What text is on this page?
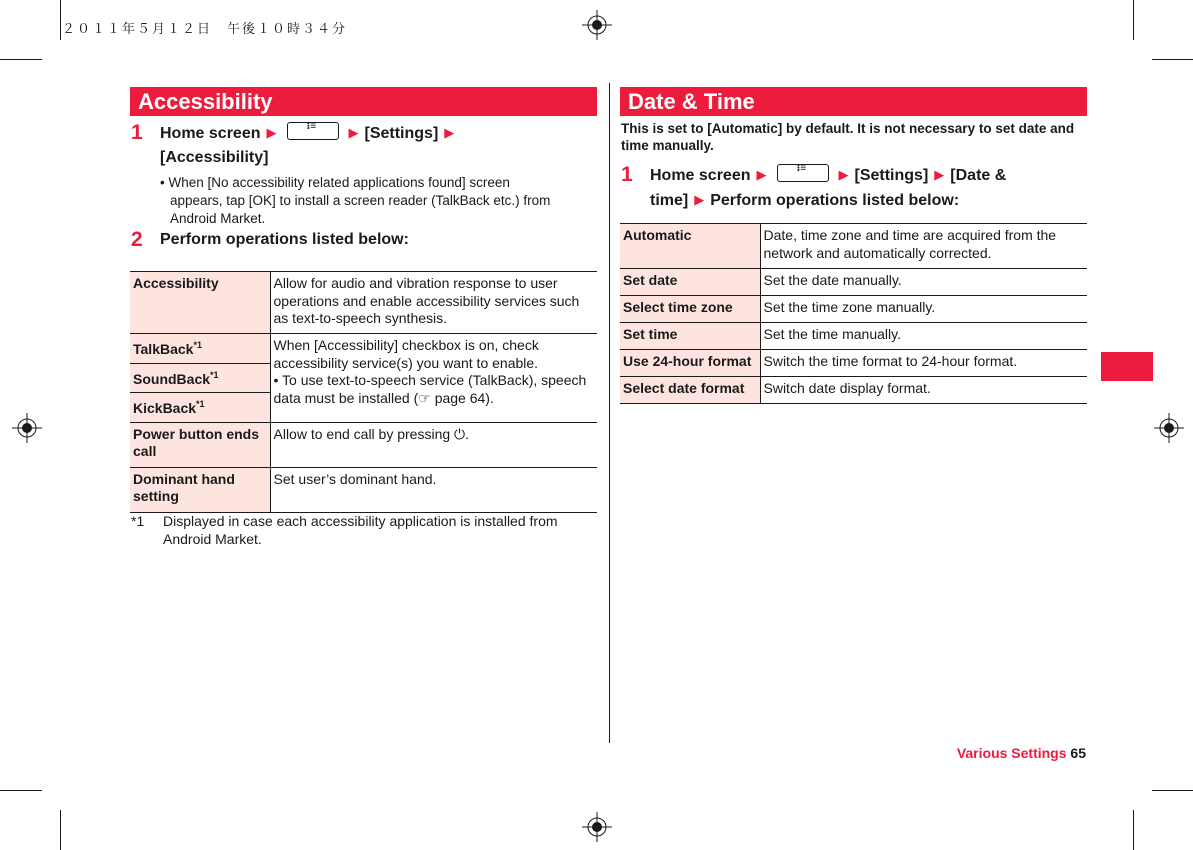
２０１１年５月１２日　午後１０時３４分
Accessibility
1 Home screen ▶	⁝≡ ▶ [Settings] ▶
[Accessibility]
• When [No accessibility related applications found] screen
appears, tap [OK] to install a screen reader (TalkBack etc.) from
Android Market.
2 Perform operations listed below:
Accessibility	Allow for audio and vibration response to user operations and enable accessibility services such as text-to-speech synthesis.
TalkBack$^{*1}$	When [Accessibility] checkbox is on, check accessibility service(s) you want to enable.
• To use text-to-speech service (TalkBack), speech data must be installed (☞ page 64).
SoundBack$^{*1}$
KickBack$^{*1}$
Power button ends call	Allow to end call by pressing ⏻.
Dominant hand setting	Set user’s dominant hand.
*1 Displayed in case each accessibility application is installed from
Android Market.
Date & Time
This is set to [Automatic] by default. It is not necessary to set date and time manually.
1 Home screen ▶	⁝≡ ▶ [Settings] ▶ [Date &
time] ▶ Perform operations listed below:
Automatic	Date, time zone and time are acquired from the network and automatically corrected.
Set date	Set the date manually.
Select time zone	Set the time zone manually.
Set time	Set the time manually.
Use 24-hour format	Switch the time format to 24-hour format.
Select date format	Switch date display format.
Various Settings 65
